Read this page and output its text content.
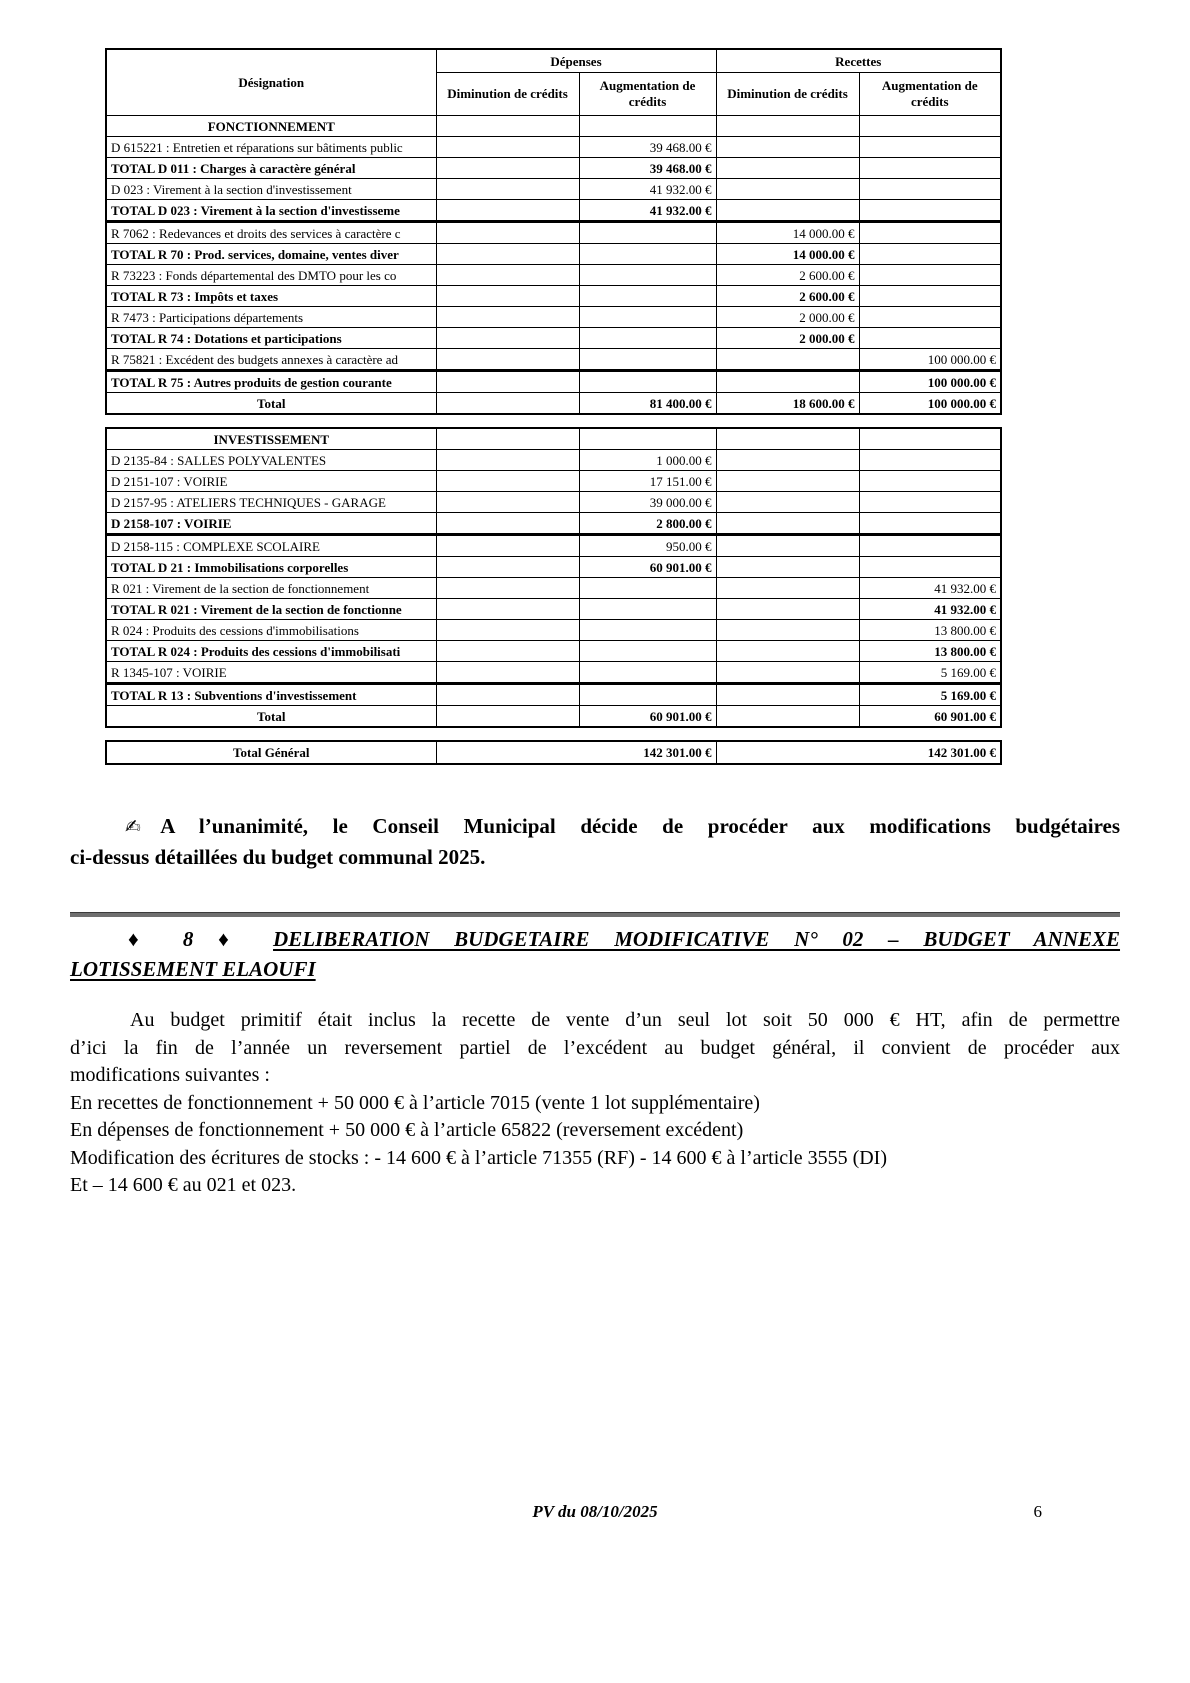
Désignation	Dépenses		Recettes	
	Diminution de crédits	Augmentation de crédits	Diminution de crédits	Augmentation de crédits
FONCTIONNEMENT				
D 615221 : Entretien et réparations sur bâtiments public		39 468.00 €		
TOTAL D 011 : Charges à caractère général		39 468.00 €		
D 023 : Virement à la section d'investissement		41 932.00 €		
TOTAL D 023 : Virement à la section d'investisseme		41 932.00 €		
R 7062 : Redevances et droits des services à caractère c			14 000.00 €	
TOTAL R 70 : Prod. services, domaine, ventes diver			14 000.00 €	
R 73223 : Fonds départemental des DMTO pour les co			2 600.00 €	
TOTAL R 73 : Impôts et taxes			2 600.00 €	
R 7473 : Participations départements			2 000.00 €	
TOTAL R 74 : Dotations et participations			2 000.00 €	
R 75821 : Excédent des budgets annexes à caractère ad				100 000.00 €
TOTAL R 75 : Autres produits de gestion courante				100 000.00 €
Total		81 400.00 €	18 600.00 €	100 000.00 €
INVESTISSEMENT				
D 2135-84 : SALLES POLYVALENTES		1 000.00 €		
D 2151-107 : VOIRIE		17 151.00 €		
D 2157-95 : ATELIERS TECHNIQUES - GARAGE		39 000.00 €		
D 2158-107 : VOIRIE		2 800.00 €		
D 2158-115 : COMPLEXE SCOLAIRE		950.00 €		
TOTAL D 21 : Immobilisations corporelles		60 901.00 €		
R 021 : Virement de la section de fonctionnement				41 932.00 €
TOTAL R 021 : Virement de la section de fonctionne				41 932.00 €
R 024 : Produits des cessions d'immobilisations				13 800.00 €
TOTAL R 024 : Produits des cessions d'immobilisati				13 800.00 €
R 1345-107 : VOIRIE				5 169.00 €
TOTAL R 13 : Subventions d'investissement				5 169.00 €
Total		60 901.00 €		60 901.00 €
Total Général	142 301.00 €	142 301.00 €
✍A l’unanimité, le Conseil Municipal décide de procéder aux modifications budgétaires
ci-dessus détaillées du budget communal 2025.
♦ 8 ♦ DELIBERATION BUDGETAIRE MODIFICATIVE N° 02 – BUDGET ANNEXE
LOTISSEMENT ELAOUFI
Au budget primitif était inclus la recette de vente d’un seul lot soit 50 000 € HT, afin de permettre
d’ici la fin de l’année un reversement partiel de l’excédent au budget général, il convient de procéder aux
modifications suivantes :
En recettes de fonctionnement + 50 000 € à l’article 7015 (vente 1 lot supplémentaire)
En dépenses de fonctionnement + 50 000 € à l’article 65822 (reversement excédent)
Modification des écritures de stocks : - 14 600 € à l’article 71355 (RF) - 14 600 € à l’article 3555 (DI)
Et – 14 600 € au 021 et 023.
PV du 08/10/2025	6
